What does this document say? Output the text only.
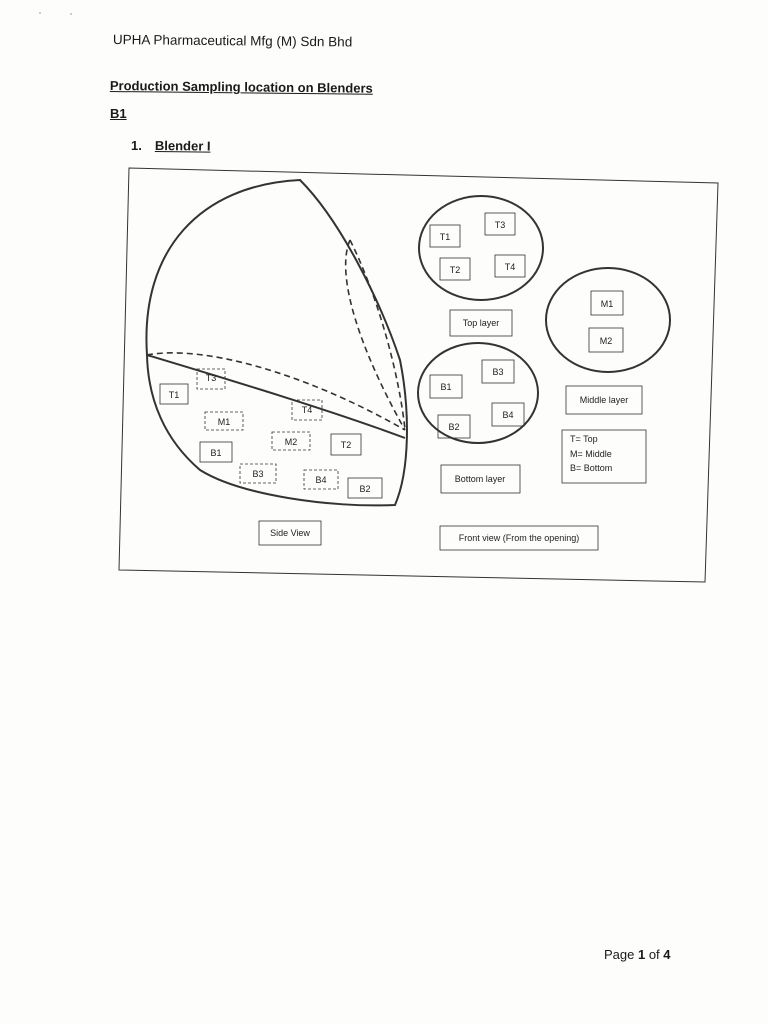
UPHA Pharmaceutical Mfg (M) Sdn Bhd
Production Sampling location on Blenders
B1
1. Blender I
T1
T3
M1
T4
M2	T2
B1
B3
B4
B2
Side View
T1
T3
T2	T4
Top layer
M1
M2
Middle layer
B1
B3
B4
B2
Bottom layer
T= Top
M= Middle
B= Bottom
Front view (From the opening)
Page 1 of 4
